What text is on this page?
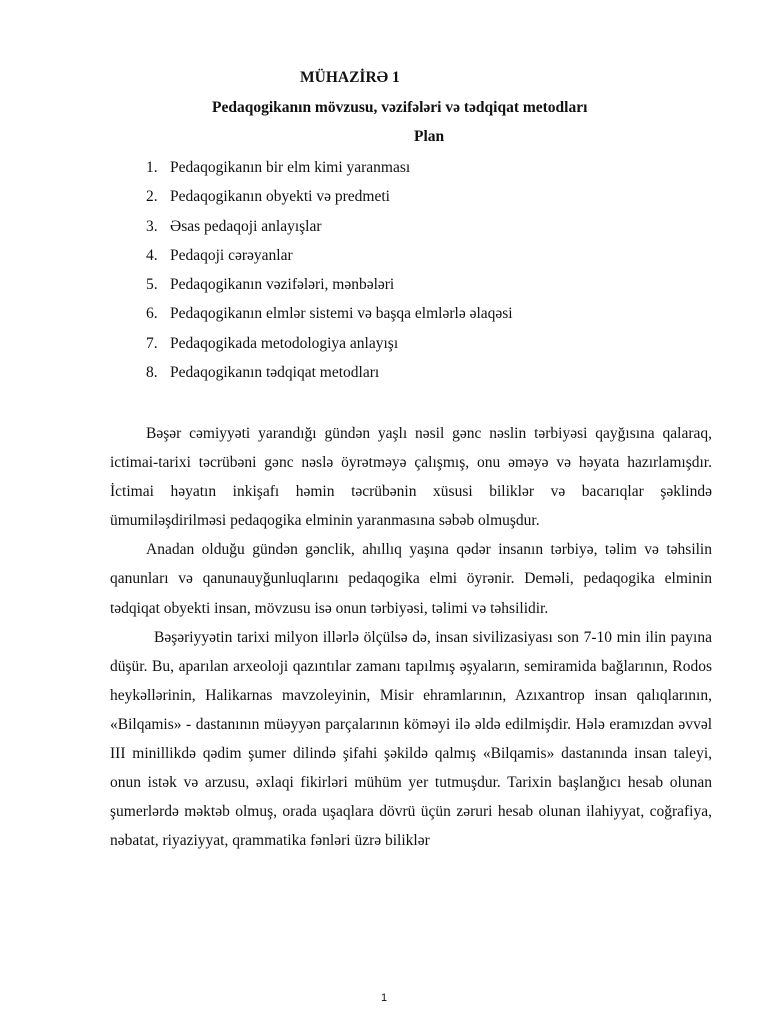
MÜHAZİRƏ 1
Pedaqogikanın mövzusu, vəzifələri və tədqiqat metodları
Plan
1. Pedaqogikanın bir elm kimi yaranması
2. Pedaqogikanın obyekti və predmeti
3. Əsas pedaqoji anlayışlar
4. Pedaqoji cərəyanlar
5. Pedaqogikanın vəzifələri, mənbələri
6. Pedaqogikanın elmlər sistemi və başqa elmlərlə əlaqəsi
7. Pedaqogikada metodologiya anlayışı
8. Pedaqogikanın tədqiqat metodları

Bəşər cəmiyyəti yarandığı gündən yaşlı nəsil gənc nəslin tərbiyəsi qayğısına qalaraq, ictimai-tarixi təcrübəni gənc nəslə öyrətməyə çalışmış, onu əməyə və həyata hazırlamışdır. İctimai həyatın inkişafı həmin təcrübənin xüsusi biliklər və bacarıqlar şəklində ümumiləşdirilməsi pedaqogika elminin yaranmasına səbəb olmuşdur.

Anadan olduğu gündən gənclik, ahıllıq yaşına qədər insanın tərbiyə, təlim və təhsilin qanunları və qanunauyğunluqlarını pedaqogika elmi öyrənir. Deməli, pedaqogika elminin tədqiqat obyekti insan, mövzusu isə onun tərbiyəsi, təlimi və təhsilidir.

Bəşəriyyətin tarixi milyon illərlə ölçülsə də, insan sivilizasiyası son 7-10 min ilin payına düşür. Bu, aparılan arxeoloji qazıntılar zamanı tapılmış əşyaların, semiramida bağlarının, Rodos heykəllərinin, Halikarnas mavzoleyinin, Misir ehramlarının, Azıxantrop insan qalıqlarının, «Bilqamis» - dastanının müəyyən parçalarının köməyi ilə əldə edilmişdir. Hələ eramızdan əvvəl III minillikdə qədim şumer dilində şifahi şəkildə qalmış «Bilqamis» dastanında insan taleyi, onun istək və arzusu, əxlaqi fikirləri mühüm yer tutmuşdur. Tarixin başlanğıcı hesab olunan şumerlərdə məktəb olmuş, orada uşaqlara dövrü üçün zəruri hesab olunan ilahiyyat, coğrafiya, nəbatat, riyaziyyat, qrammatika fənləri üzrə biliklər

1
